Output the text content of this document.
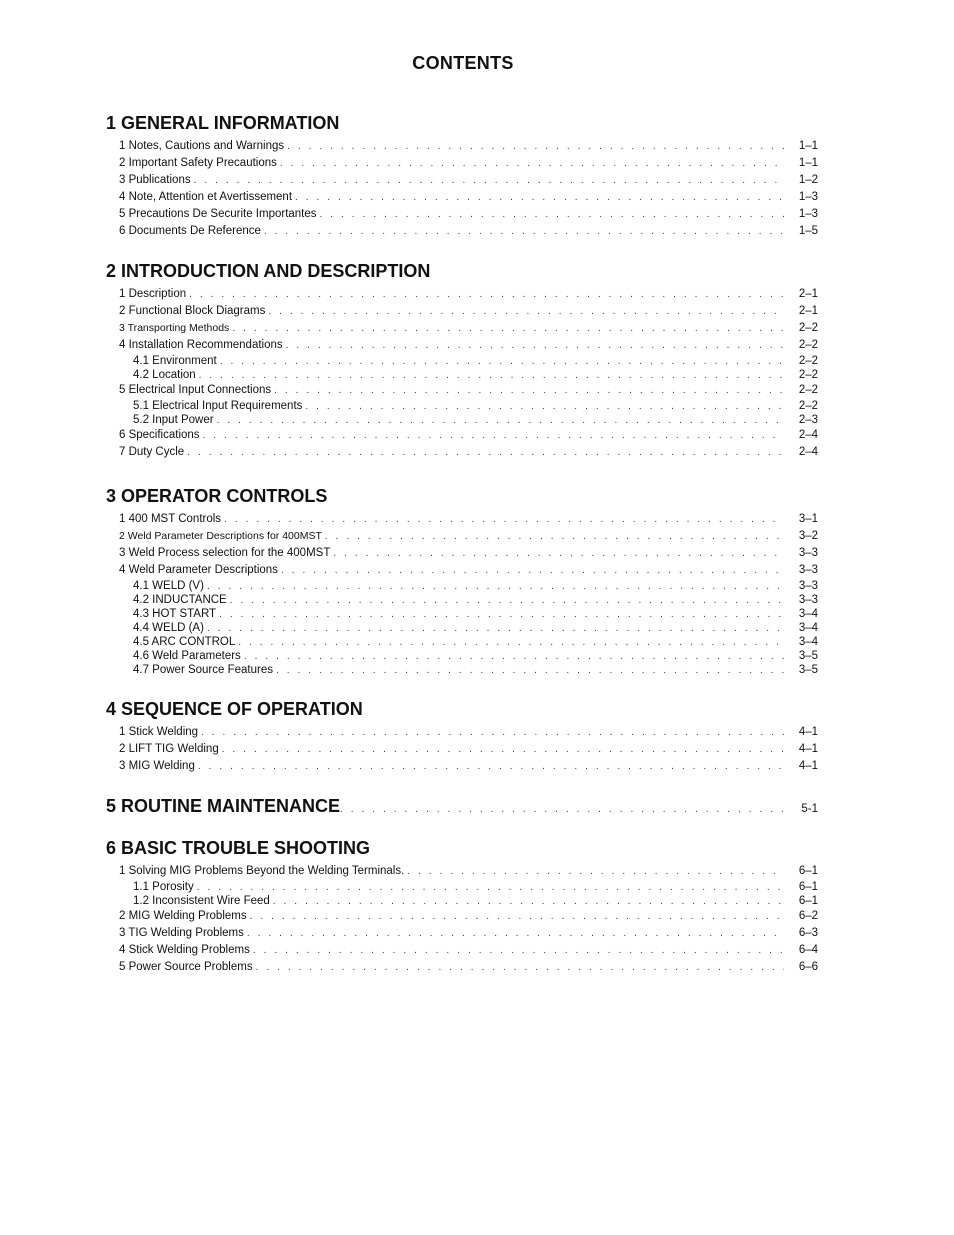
CONTENTS
1 GENERAL INFORMATION
1 Notes, Cautions and Warnings . . .	1–1
2 Important Safety Precautions . . .	1–1
3 Publications . . .	1–2
4 Note, Attention et Avertissement . . .	1–3
5 Precautions De Securite Importantes . . .	1–3
6 Documents De Reference . . .	1–5
2 INTRODUCTION AND DESCRIPTION
1 Description . . .	2–1
2 Functional Block Diagrams . . .	2–1
3 Transporting Methods . . .	2–2
4 Installation Recommendations . . .	2–2
4.1 Environment . . .	2–2
4.2 Location . . .	2–2
5 Electrical Input Connections . . .	2–2
5.1 Electrical Input Requirements . . .	2–2
5.2 Input Power . . .	2–3
6 Specifications . . .	2–4
7 Duty Cycle . . .	2–4
3 OPERATOR CONTROLS
1 400 MST Controls . . .	3–1
2 Weld Parameter Descriptions for 400MST . . .	3–2
3 Weld Process selection for the 400MST . . .	3–3
4 Weld Parameter Descriptions . . .	3–3
4.1 WELD (V) . . .	3–3
4.2 INDUCTANCE . . .	3–3
4.3 HOT START . . .	3–4
4.4 WELD (A) . . .	3–4
4.5 ARC CONTROL . . .	3–4
4.6 Weld Parameters . . .	3–5
4.7 Power Source Features . . .	3–5
4 SEQUENCE OF OPERATION
1 Stick Welding . . .	4–1
2 LIFT TIG Welding . . .	4–1
3 MIG Welding . . .	4–1
5 ROUTINE MAINTENANCE . . .	5-1
6 BASIC TROUBLE SHOOTING
1 Solving MIG Problems Beyond the Welding Terminals. . . .	6–1
1.1 Porosity . . .	6–1
1.2 Inconsistent Wire Feed . . .	6–1
2 MIG Welding Problems . . .	6–2
3 TIG Welding Problems . . .	6–3
4 Stick Welding Problems . . .	6–4
5 Power Source Problems . . .	6–6
